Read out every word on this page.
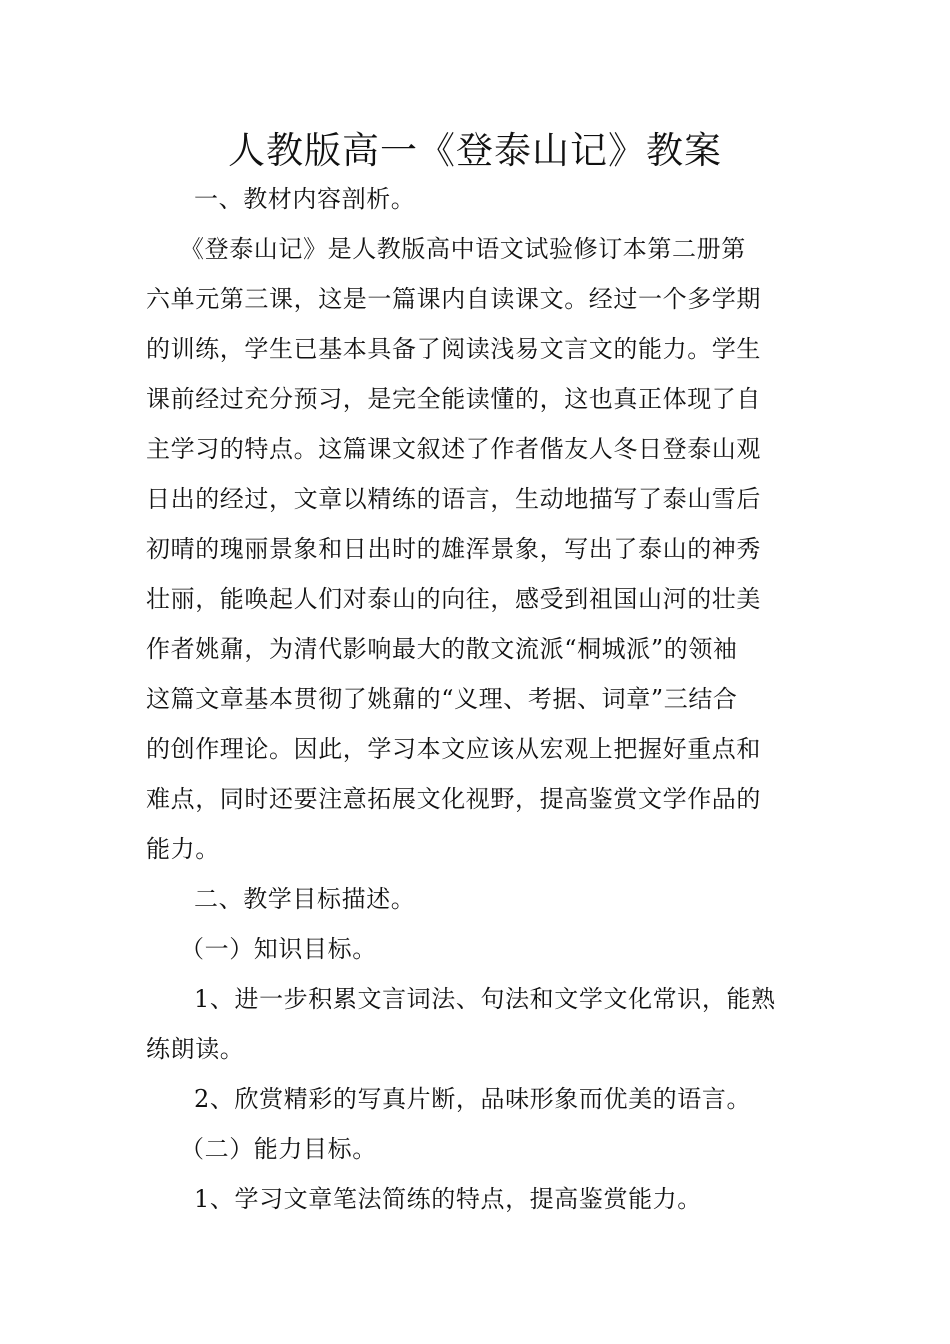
人教版高一《登泰山记》教案
一、教材内容剖析。
《登泰山记》是人教版高中语文试验修订本第二册第
六单元第三课，这是一篇课内自读课文。经过一个多学期
的训练，学生已基本具备了阅读浅易文言文的能力。学生
课前经过充分预习，是完全能读懂的，这也真正体现了自
主学习的特点。这篇课文叙述了作者偕友人冬日登泰山观
日出的经过，文章以精练的语言，生动地描写了泰山雪后
初晴的瑰丽景象和日出时的雄浑景象，写出了泰山的神秀
壮丽，能唤起人们对泰山的向往，感受到祖国山河的壮美
作者姚鼐，为清代影响最大的散文流派“桐城派”的领袖
这篇文章基本贯彻了姚鼐的“义理、考据、词章”三结合
的创作理论。因此，学习本文应该从宏观上把握好重点和
难点，同时还要注意拓展文化视野，提高鉴赏文学作品的
能力。
二、教学目标描述。
（一）知识目标。
1、进一步积累文言词法、句法和文学文化常识，能熟
练朗读。
2、欣赏精彩的写真片断，品味形象而优美的语言。
（二）能力目标。
1、学习文章笔法简练的特点，提高鉴赏能力。
